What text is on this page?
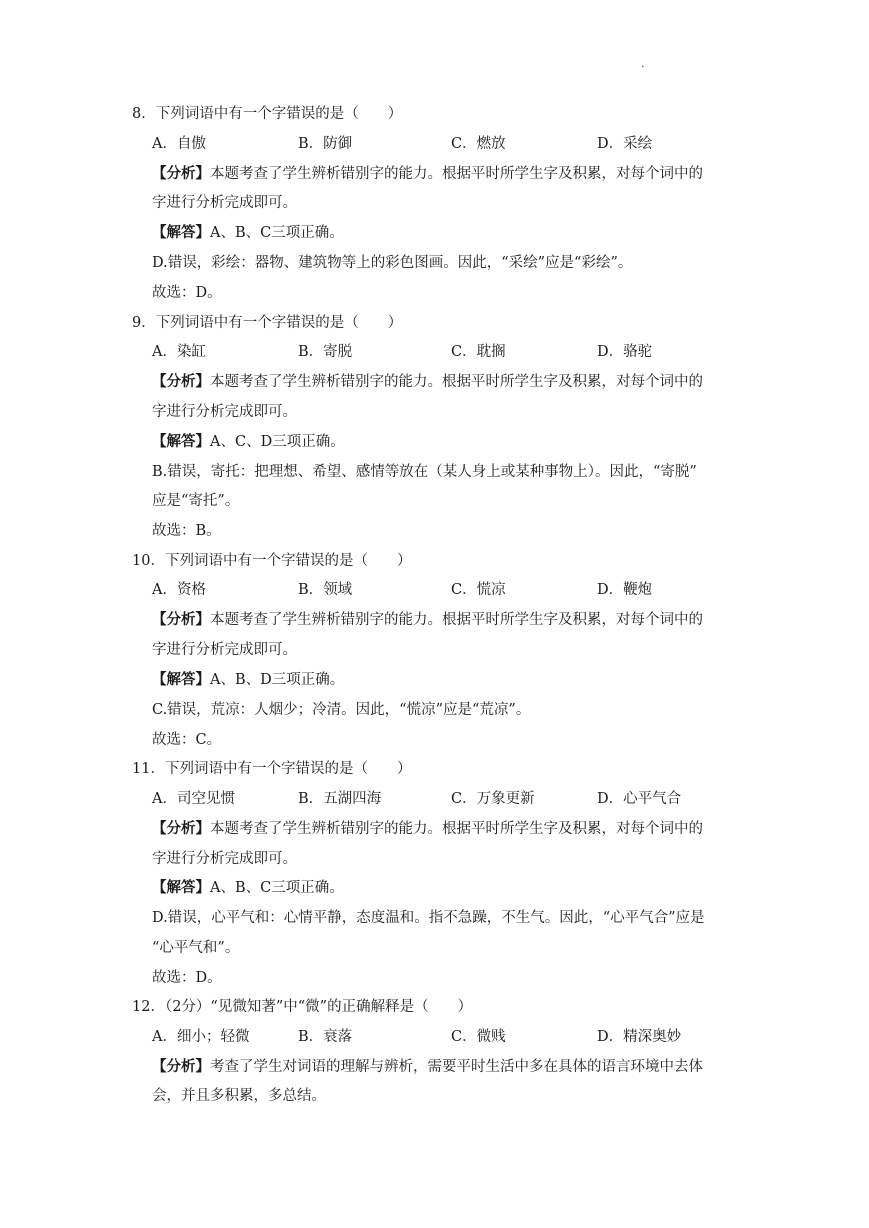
.
8．下列词语中有一个字错误的是（　　）
A．自傲	B．防御	C．燃放	D．采绘
【分析】本题考查了学生辨析错别字的能力。根据平时所学生字及积累，对每个词中的
字进行分析完成即可。
【解答】A、B、C三项正确。
D.错误，彩绘：器物、建筑物等上的彩色图画。因此，“采绘”应是“彩绘”。
故选：D。
9．下列词语中有一个字错误的是（　　）
A．染缸	B．寄脱	C．耽搁	D．骆驼
【分析】本题考查了学生辨析错别字的能力。根据平时所学生字及积累，对每个词中的
字进行分析完成即可。
【解答】A、C、D三项正确。
B.错误，寄托：把理想、希望、感情等放在（某人身上或某种事物上）。因此，“寄脱”
应是“寄托”。
故选：B。
10．下列词语中有一个字错误的是（　　）
A．资格	B．领域	C．慌凉	D．鞭炮
【分析】本题考查了学生辨析错别字的能力。根据平时所学生字及积累，对每个词中的
字进行分析完成即可。
【解答】A、B、D三项正确。
C.错误，荒凉：人烟少；冷清。因此，“慌凉”应是“荒凉”。
故选：C。
11．下列词语中有一个字错误的是（　　）
A．司空见惯	B．五湖四海	C．万象更新	D．心平气合
【分析】本题考查了学生辨析错别字的能力。根据平时所学生字及积累，对每个词中的
字进行分析完成即可。
【解答】A、B、C三项正确。
D.错误，心平气和：心情平静，态度温和。指不急躁，不生气。因此，“心平气合”应是
“心平气和”。
故选：D。
12．（2分）“见微知著”中“微”的正确解释是（　　）
A．细小；轻微	B．衰落	C．微贱	D．精深奥妙
【分析】考查了学生对词语的理解与辨析，需要平时生活中多在具体的语言环境中去体
会，并且多积累，多总结。
